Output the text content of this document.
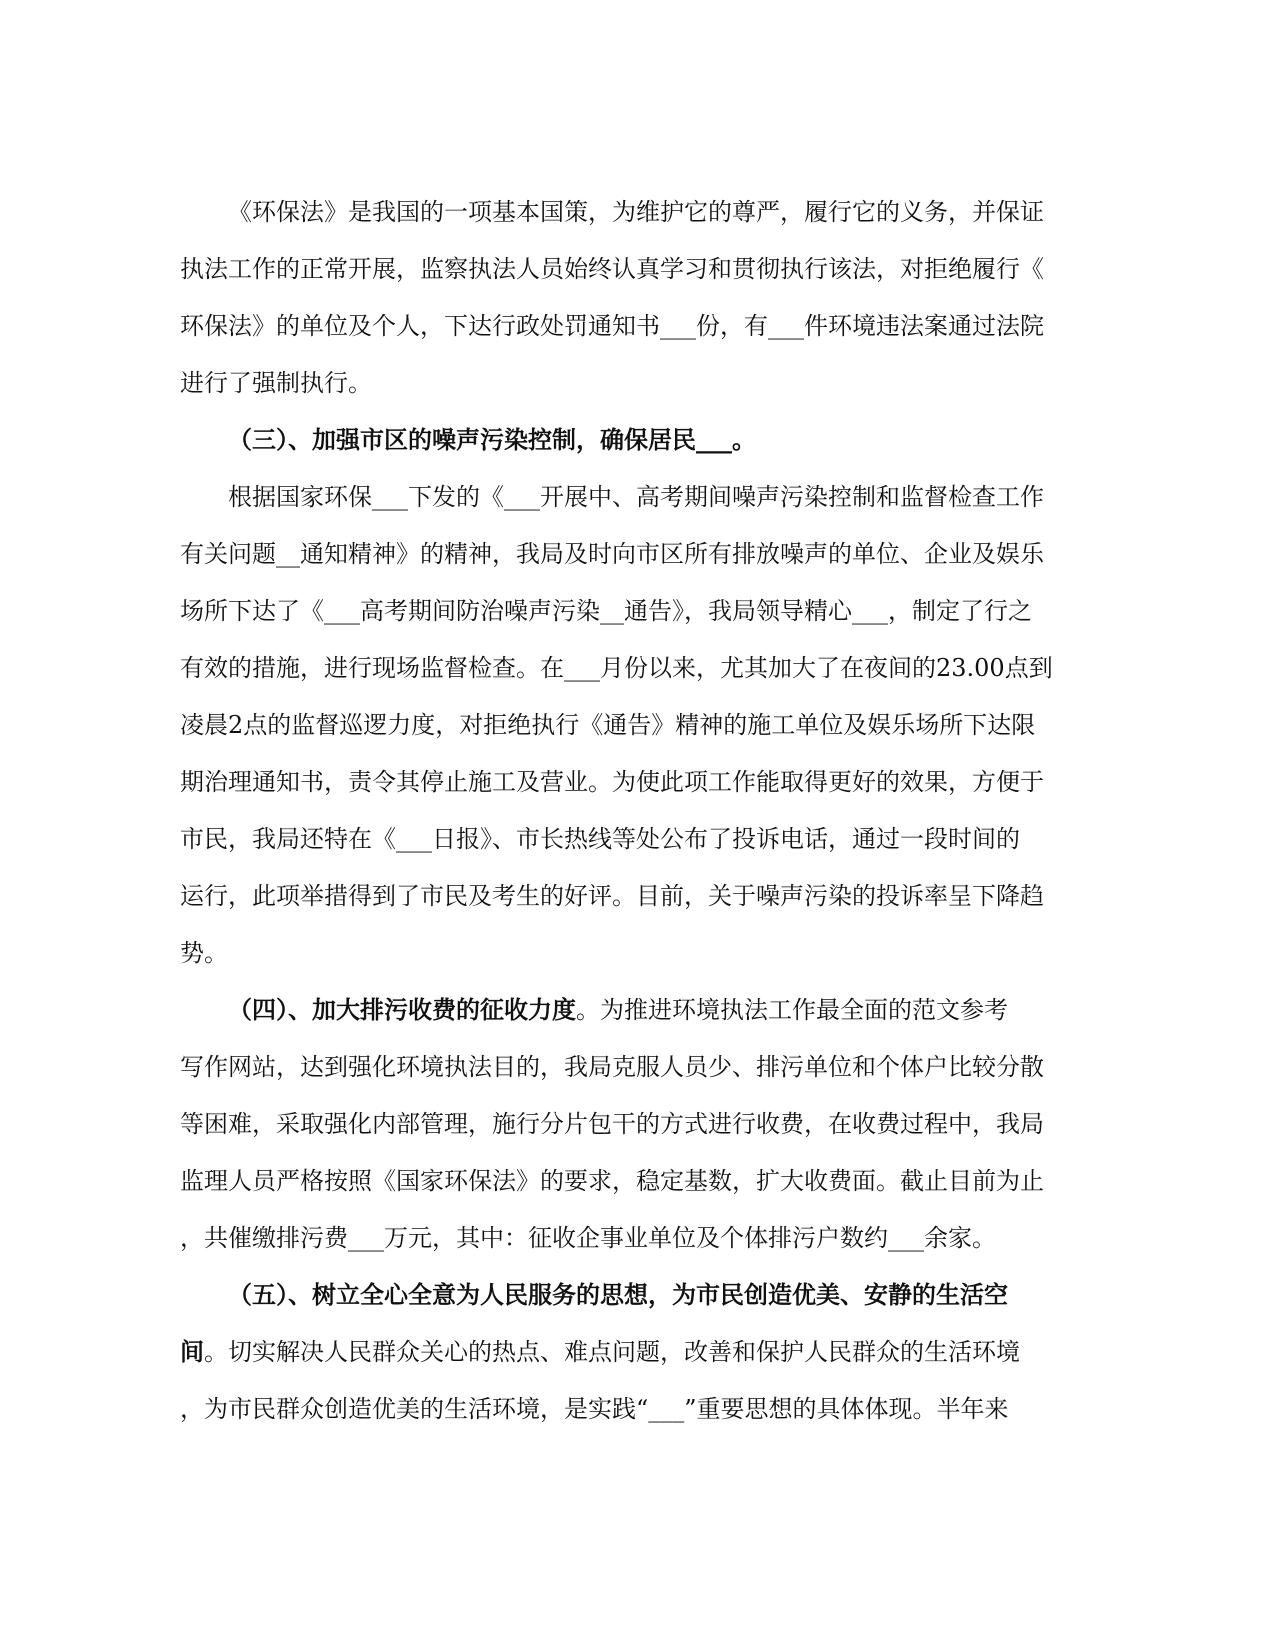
《环保法》是我国的一项基本国策，为维护它的尊严，履行它的义务，并保证
执法工作的正常开展，监察执法人员始终认真学习和贯彻执行该法，对拒绝履行《
环保法》的单位及个人，下达行政处罚通知书___份，有___件环境违法案通过法院
进行了强制执行。
（三）、加强市区的噪声污染控制，确保居民___。
根据国家环保___下发的《___开展中、高考期间噪声污染控制和监督检查工作
有关问题__通知精神》的精神，我局及时向市区所有排放噪声的单位、企业及娱乐
场所下达了《___高考期间防治噪声污染__通告》，我局领导精心___，制定了行之
有效的措施，进行现场监督检查。在___月份以来，尤其加大了在夜间的23.00点到
凌晨2点的监督巡逻力度，对拒绝执行《通告》精神的施工单位及娱乐场所下达限
期治理通知书，责令其停止施工及营业。为使此项工作能取得更好的效果，方便于
市民，我局还特在《___日报》、市长热线等处公布了投诉电话，通过一段时间的
运行，此项举措得到了市民及考生的好评。目前，关于噪声污染的投诉率呈下降趋
势。
（四）、加大排污收费的征收力度。为推进环境执法工作最全面的范文参考
写作网站，达到强化环境执法目的，我局克服人员少、排污单位和个体户比较分散
等困难，采取强化内部管理，施行分片包干的方式进行收费，在收费过程中，我局
监理人员严格按照《国家环保法》的要求，稳定基数，扩大收费面。截止目前为止
，共催缴排污费___万元，其中：征收企事业单位及个体排污户数约___余家。
（五）、树立全心全意为人民服务的思想，为市民创造优美、安静的生活空
间。切实解决人民群众关心的热点、难点问题，改善和保护人民群众的生活环境
，为市民群众创造优美的生活环境，是实践“___”重要思想的具体体现。半年来
